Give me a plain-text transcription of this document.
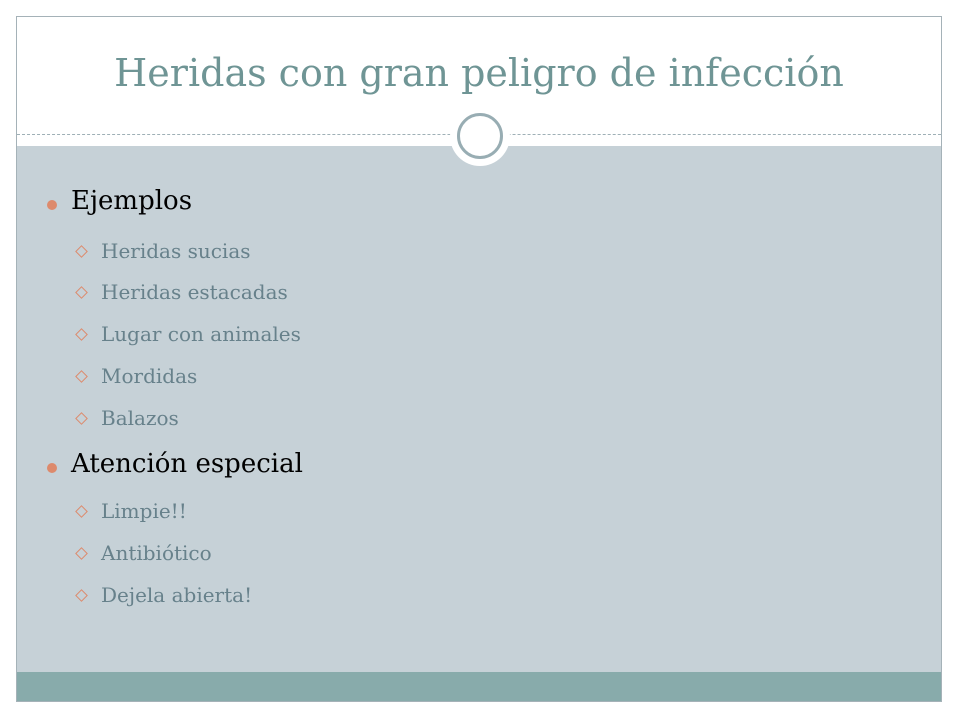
Heridas con gran peligro de infección
Ejemplos
Heridas sucias
Heridas estacadas
Lugar con animales
Mordidas
Balazos
Atención especial
Limpie!!
Antibiótico
Dejela abierta!
